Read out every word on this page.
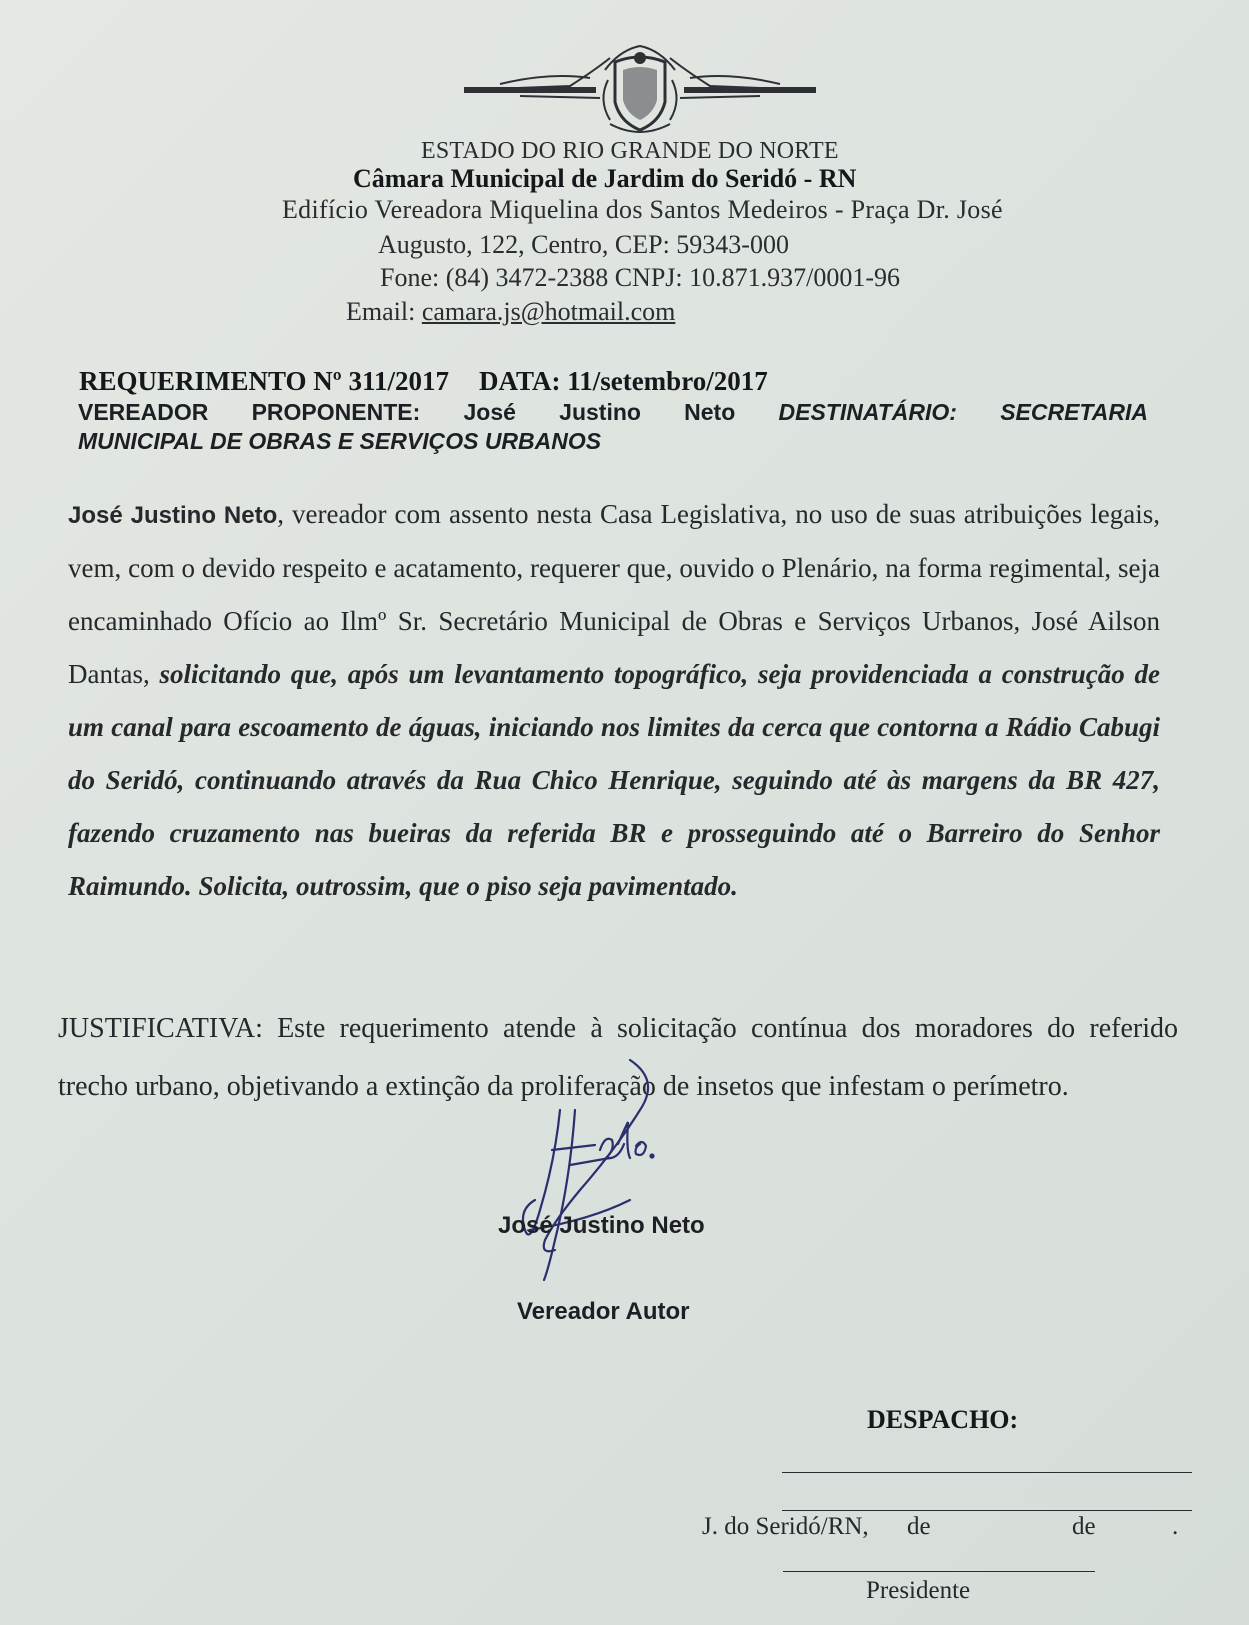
ESTADO DO RIO GRANDE DO NORTE
Câmara Municipal de Jardim do Seridó - RN
Edifício Vereadora Miquelina dos Santos Medeiros - Praça Dr. José
Augusto, 122, Centro, CEP: 59343-000
Fone: (84) 3472-2388 CNPJ: 10.871.937/0001-96
Email: camara.js@hotmail.com
REQUERIMENTO Nº 311/2017 DATA: 11/setembro/2017
VEREADOR PROPONENTE: José Justino Neto DESTINATÁRIO: SECRETARIA
MUNICIPAL DE OBRAS E SERVIÇOS URBANOS
José Justino Neto, vereador com assento nesta Casa Legislativa, no uso de suas atribuições legais, vem, com o devido respeito e acatamento, requerer que, ouvido o Plenário, na forma regimental, seja encaminhado Ofício ao Ilmº Sr. Secretário Municipal de Obras e Serviços Urbanos, José Ailson Dantas, solicitando que, após um levantamento topográfico, seja providenciada a construção de um canal para escoamento de águas, iniciando nos limites da cerca que contorna a Rádio Cabugi do Seridó, continuando através da Rua Chico Henrique, seguindo até às margens da BR 427, fazendo cruzamento nas bueiras da referida BR e prosseguindo até o Barreiro do Senhor Raimundo. Solicita, outrossim, que o piso seja pavimentado.
JUSTIFICATIVA: Este requerimento atende à solicitação contínua dos moradores do referido trecho urbano, objetivando a extinção da proliferação de insetos que infestam o perímetro.
José Justino Neto
Vereador Autor
DESPACHO:
J. do Seridó/RN, de	de	.
Presidente
